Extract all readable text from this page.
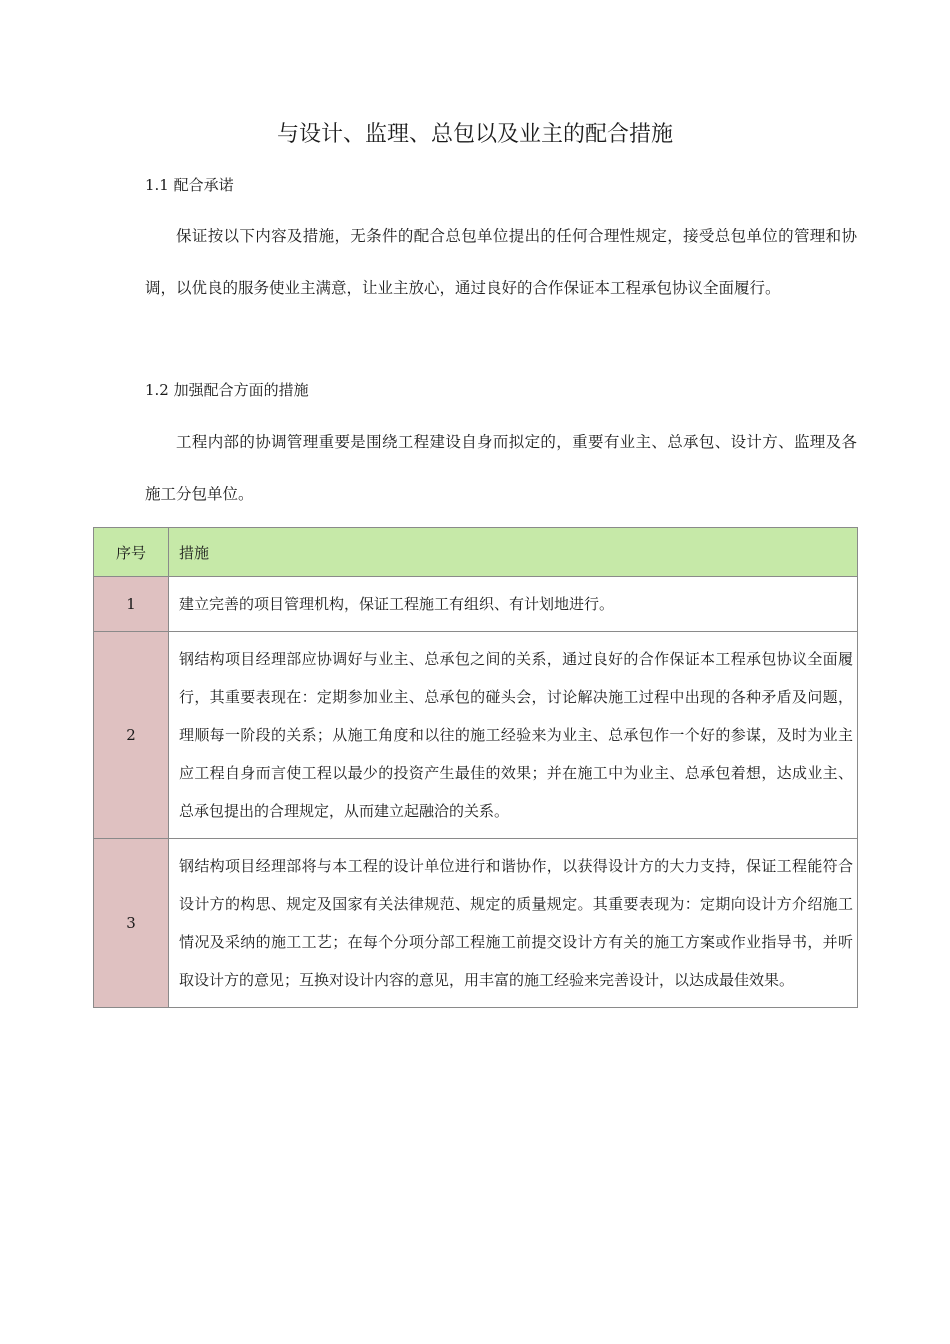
与设计、监理、总包以及业主的配合措施
1.1 配合承诺

保证按以下内容及措施，无条件的配合总包单位提出的任何合理性规定，接受总包单位的管理和协调，以优良的服务使业主满意，让业主放心，通过良好的合作保证本工程承包协议全面履行。

1.2 加强配合方面的措施

工程内部的协调管理重要是围绕工程建设自身而拟定的，重要有业主、总承包、设计方、监理及各施工分包单位。

序号	措施
1	建立完善的项目管理机构，保证工程施工有组织、有计划地进行。
2	钢结构项目经理部应协调好与业主、总承包之间的关系，通过良好的合作保证本工程承包协议全面履行，其重要表现在：定期参加业主、总承包的碰头会，讨论解决施工过程中出现的各种矛盾及问题，理顺每一阶段的关系；从施工角度和以往的施工经验来为业主、总承包作一个好的参谋，及时为业主应工程自身而言使工程以最少的投资产生最佳的效果；并在施工中为业主、总承包着想，达成业主、总承包提出的合理规定，从而建立起融洽的关系。
3	钢结构项目经理部将与本工程的设计单位进行和谐协作，以获得设计方的大力支持，保证工程能符合设计方的构思、规定及国家有关法律规范、规定的质量规定。其重要表现为：定期向设计方介绍施工情况及采纳的施工工艺；在每个分项分部工程施工前提交设计方有关的施工方案或作业指导书，并听取设计方的意见；互换对设计内容的意见，用丰富的施工经验来完善设计，以达成最佳效果。
